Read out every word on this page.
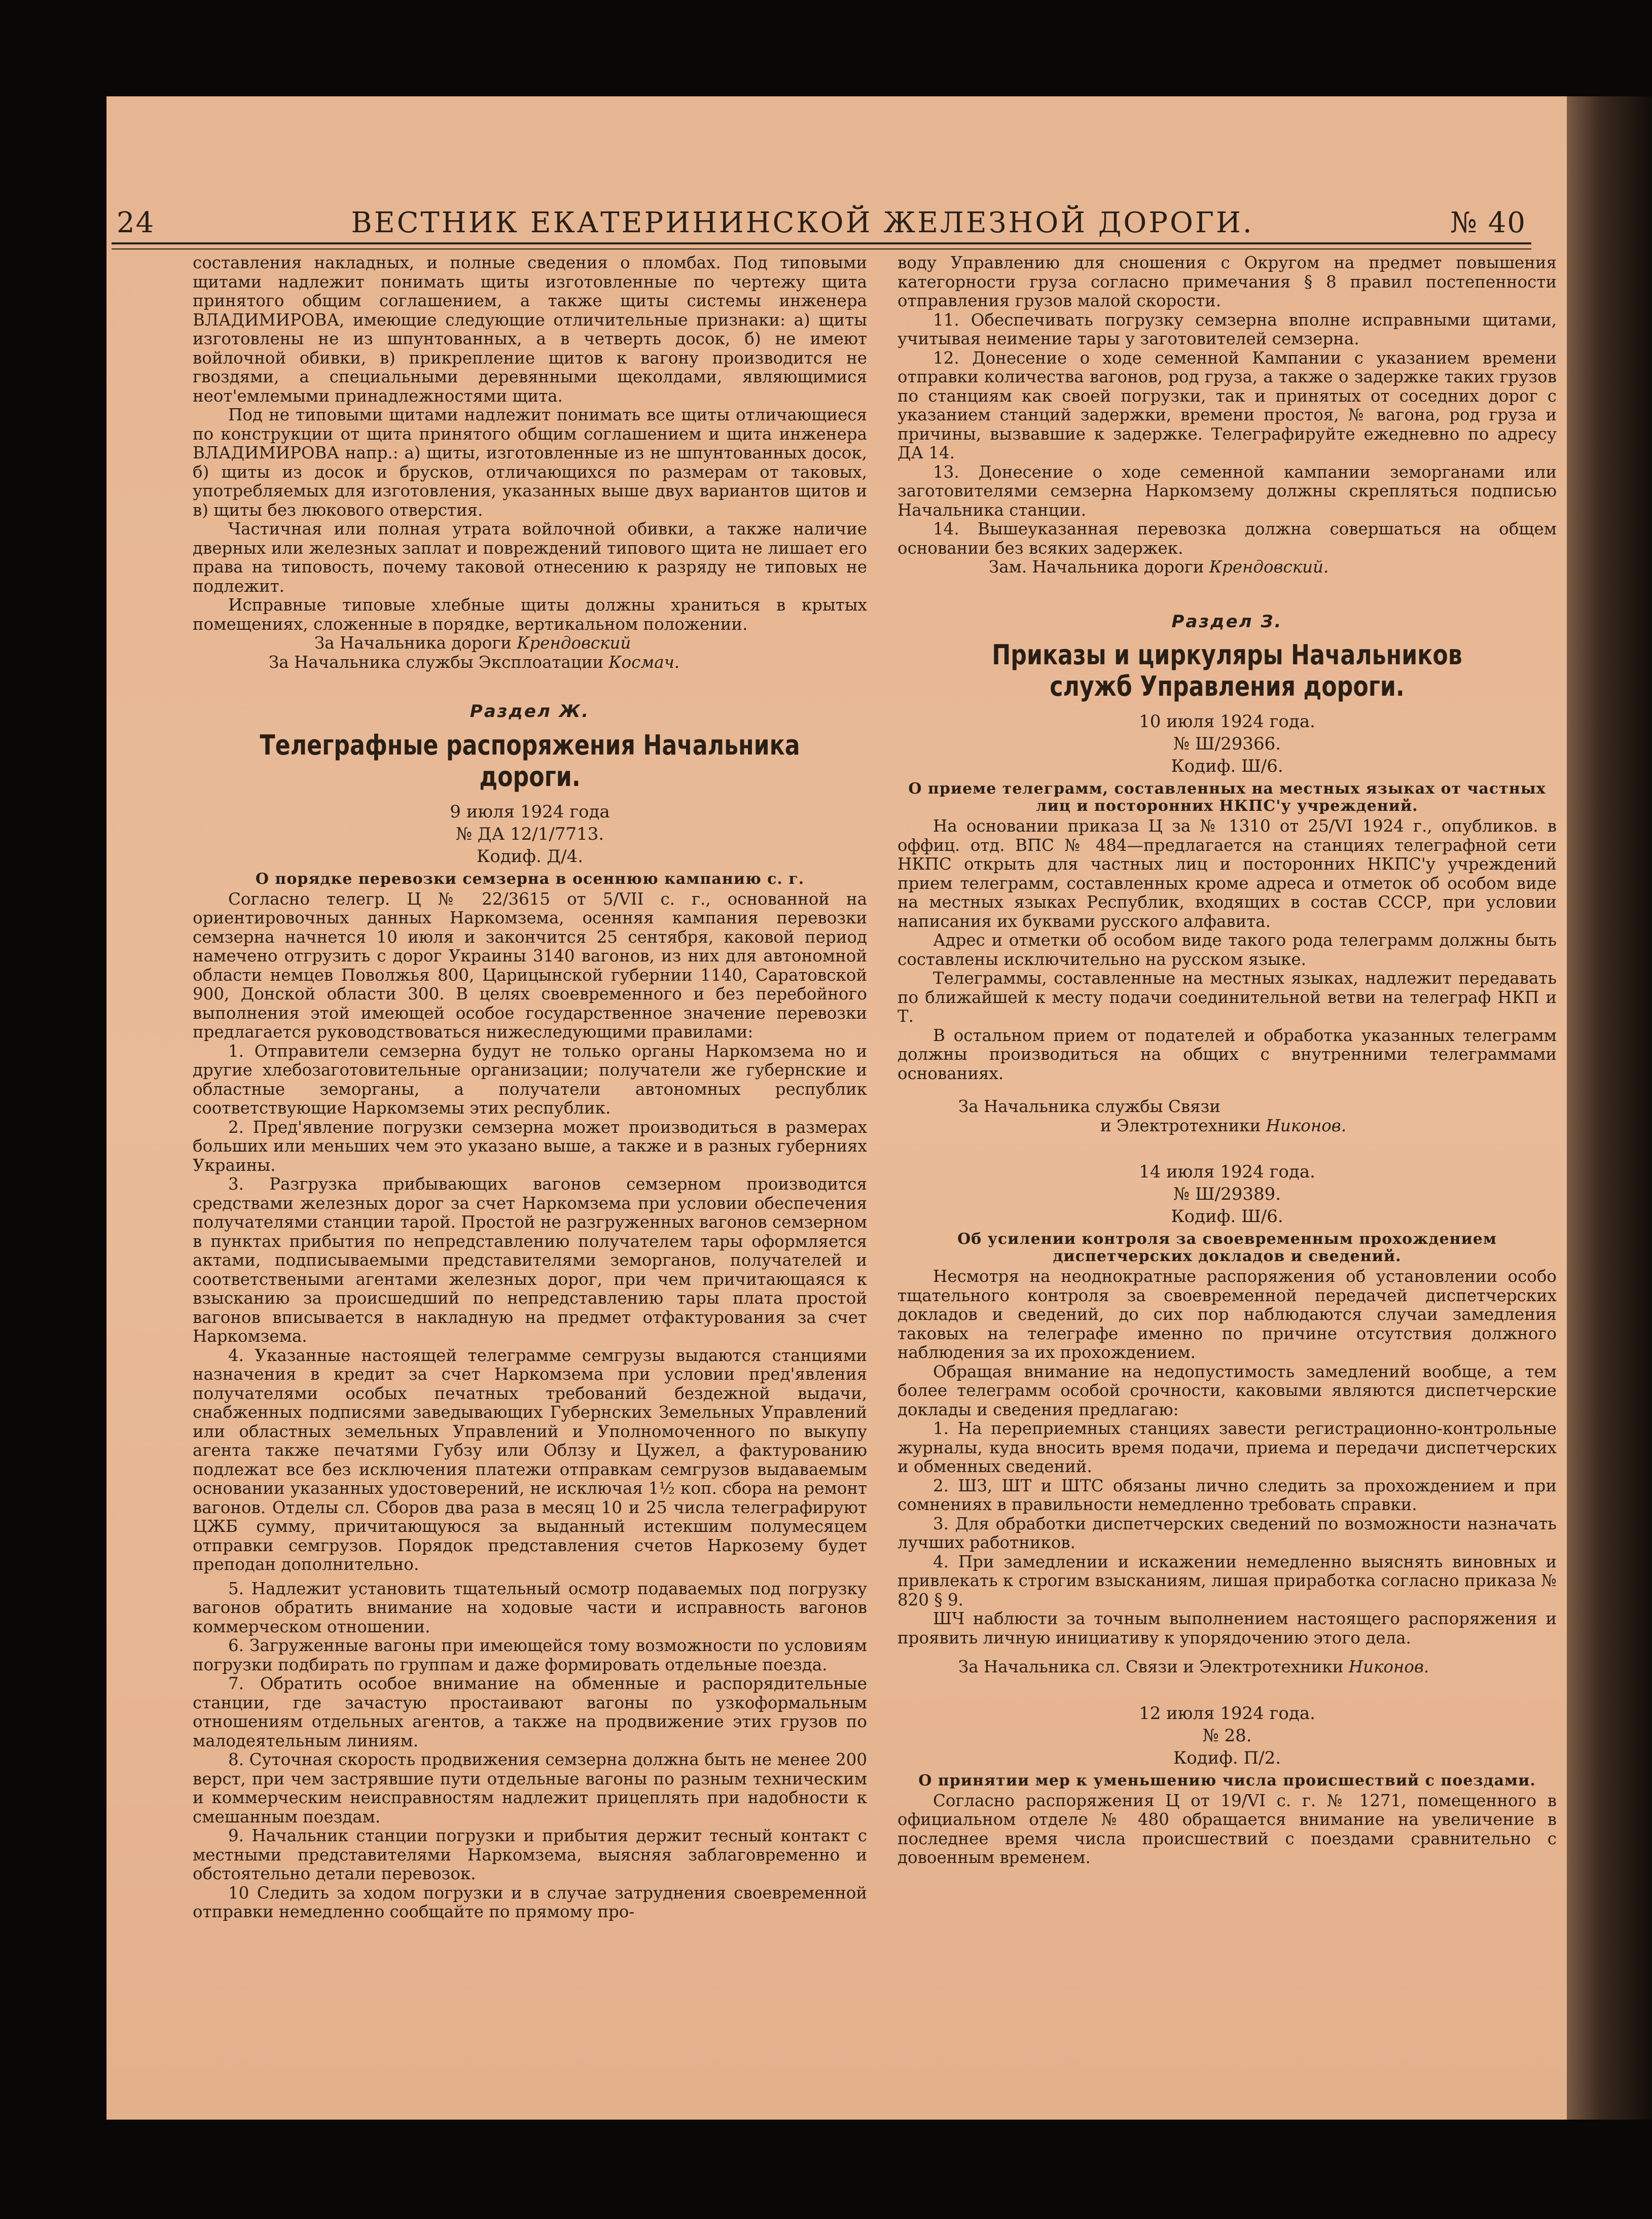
24	ВЕСТНИК ЕКАТЕРИНИНСКОЙ ЖЕЛЕЗНОЙ ДОРОГИ.	№ 40

составления накладных, и полные сведения о пломбах. Под типовыми щитами надлежит понимать щиты изготовленные по чертежу щита принятого общим соглашением, а также щиты системы инженера ВЛАДИМИРОВА, имеющие следующие отличительные признаки: а) щиты изготовлены не из шпунтованных, а в четверть досок, б) не имеют войлочной обивки, в) прикрепление щитов к вагону производится не гвоздями, а специальными деревянными щеколдами, являющимися неот'емлемыми принадлежностями щита.

Под не типовыми щитами надлежит понимать все щиты отличающиеся по конструкции от щита принятого общим соглашением и щита инженера ВЛАДИМИРОВА напр.: а) щиты, изготовленные из не шпунтованных досок, б) щиты из досок и брусков, отличающихся по размерам от таковых, употребляемых для изготовления, указанных выше двух вариантов щитов и в) щиты без люкового отверстия.

Частичная или полная утрата войлочной обивки, а также наличие дверных или железных заплат и повреждений типового щита не лишает его права на типовость, почему таковой отнесению к разряду не типовых не подлежит.

Исправные типовые хлебные щиты должны храниться в крытых помещениях, сложенные в порядке, вертикальном положении.

За Начальника дороги Крендовский

За Начальника службы Эксплоатации Космач.

Раздел Ж.
Телеграфные распоряжения Начальника дороги.
9 июля 1924 года
№ ДА 12/1/7713.
Кодиф. Д/4.
О порядке перевозки семзерна в осеннюю кампанию с. г.

Согласно телегр. Ц № 22/3615 от 5/VII с. г., основанной на ориентировочных данных Наркомзема, осенняя кампания перевозки семзерна начнется 10 июля и закончится 25 сентября, каковой период намечено отгрузить с дорог Украины 3140 вагонов, из них для автономной области немцев Поволжья 800, Царицынской губернии 1140, Саратовской 900, Донской области 300. В целях своевременного и без перебойного выполнения этой имеющей особое государственное значение перевозки предлагается руководствоваться нижеследующими правилами:

1. Отправители семзерна будут не только органы Наркомзема но и другие хлебозаготовительные организации; получатели же губернские и областные земорганы, а получатели автономных республик соответствующие Наркомземы этих республик.

2. Пред'явление погрузки семзерна может производиться в размерах больших или меньших чем это указано выше, а также и в разных губерниях Украины.

3. Разгрузка прибывающих вагонов семзерном производится средствами железных дорог за счет Наркомзема при условии обеспечения получателями станции тарой. Простой не разгруженных вагонов семзерном в пунктах прибытия по непредставлению получателем тары оформляется актами, подписываемыми представителями земорганов, получателей и соответствеными агентами железных дорог, при чем причитающаяся к взысканию за происшедший по непредставлению тары плата простой вагонов вписывается в накладную на предмет отфактурования за счет Наркомзема.

4. Указанные настоящей телеграмме семгрузы выдаются станциями назначения в кредит за счет Наркомзема при условии пред'явления получателями особых печатных требований бездежной выдачи, снабженных подписями заведывающих Губернских Земельных Управлений или областных земельных Управлений и Уполномоченного по выкупу агента также печатями Губзу или Облзу и Цужел, а фактурованию подлежат все без исключения платежи отправкам семгрузов выдаваемым основании указанных удостоверений, не исключая 1½ коп. сбора на ремонт вагонов. Отделы сл. Сборов два раза в месяц 10 и 25 числа телеграфируют ЦЖБ сумму, причитающуюся за выданный истекшим полумесяцем отправки семгрузов. Порядок представления счетов Наркозему будет преподан дополнительно.

5. Надлежит установить тщательный осмотр подаваемых под погрузку вагонов обратить внимание на ходовые части и исправность вагонов коммерческом отношении.

6. Загруженные вагоны при имеющейся тому возможности по условиям погрузки подбирать по группам и даже формировать отдельные поезда.

7. Обратить особое внимание на обменные и распорядительные станции, где зачастую простаивают вагоны по узкоформальным отношениям отдельных агентов, а также на продвижение этих грузов по малодеятельным линиям.

8. Суточная скорость продвижения семзерна должна быть не менее 200 верст, при чем застрявшие пути отдельные вагоны по разным техническим и коммерческим неисправностям надлежит прицеплять при надобности к смешанным поездам.

9. Начальник станции погрузки и прибытия держит тесный контакт с местными представителями Наркомзема, выясняя заблаговременно и обстоятельно детали перевозок.

10 Следить за ходом погрузки и в случае затруднения своевременной отправки немедленно сообщайте по прямому про-

воду Управлению для сношения с Округом на предмет повышения категорности груза согласно примечания § 8 правил постепенности отправления грузов малой скорости.

11. Обеспечивать погрузку семзерна вполне исправными щитами, учитывая неимение тары у заготовителей семзерна.

12. Донесение о ходе семенной Кампании с указанием времени отправки количества вагонов, род груза, а также о задержке таких грузов по станциям как своей погрузки, так и принятых от соседних дорог с указанием станций задержки, времени простоя, № вагона, род груза и причины, вызвавшие к задержке. Телеграфируйте ежедневно по адресу ДА 14.

13. Донесение о ходе семенной кампании земорганами или заготовителями семзерна Наркомзему должны скрепляться подписью Начальника станции.

14. Вышеуказанная перевозка должна совершаться на общем основании без всяких задержек.

Зам. Начальника дороги Крендовский.

Раздел З.
Приказы и циркуляры Начальников служб Управления дороги.
10 июля 1924 года.
№ Ш/29366.
Кодиф. Ш/6.
О приеме телеграмм, составленных на местных языках от частных лиц и посторонних НКПС'у учреждений.

На основании приказа Ц за № 1310 от 25/VI 1924 г., опубликов. в оффиц. отд. ВПС № 484—предлагается на станциях телеграфной сети НКПС открыть для частных лиц и посторонних НКПС'у учреждений прием телеграмм, составленных кроме адреса и отметок об особом виде на местных языках Республик, входящих в состав СССР, при условии написания их буквами русского алфавита.

Адрес и отметки об особом виде такого рода телеграмм должны быть составлены исключительно на русском языке.

Телеграммы, составленные на местных языках, надлежит передавать по ближайшей к месту подачи соединительной ветви на телеграф НКП и Т.

В остальном прием от подателей и обработка указанных телеграмм должны производиться на общих с внутренними телеграммами основаниях.

За Начальника службы Связи

и Электротехники Никонов.

14 июля 1924 года.
№ Ш/29389.
Кодиф. Ш/6.
Об усилении контроля за своевременным прохождением диспетчерских докладов и сведений.

Несмотря на неоднократные распоряжения об установлении особо тщательного контроля за своевременной передачей диспетчерских докладов и сведений, до сих пор наблюдаются случаи замедления таковых на телеграфе именно по причине отсутствия должного наблюдения за их прохождением.

Обращая внимание на недопустимость замедлений вообще, а тем более телеграмм особой срочности, каковыми являются диспетчерские доклады и сведения предлагаю:

1. На переприемных станциях завести регистрационно-контрольные журналы, куда вносить время подачи, приема и передачи диспетчерских и обменных сведений.

2. ШЗ, ШТ и ШТС обязаны лично следить за прохождением и при сомнениях в правильности немедленно требовать справки.

3. Для обработки диспетчерских сведений по возможности назначать лучших работников.

4. При замедлении и искажении немедленно выяснять виновных и привлекать к строгим взысканиям, лишая приработка согласно приказа № 820 § 9.

ШЧ наблюсти за точным выполнением настоящего распоряжения и проявить личную инициативу к упорядочению этого дела.

За Начальника сл. Связи и Электротехники Никонов.

12 июля 1924 года.
№ 28.
Кодиф. П/2.
О принятии мер к уменьшению числа происшествий с поездами.

Согласно распоряжения Ц от 19/VI с. г. № 1271, помещенного в официальном отделе № 480 обращается внимание на увеличение в последнее время числа происшествий с поездами сравнительно с довоенным временем.
